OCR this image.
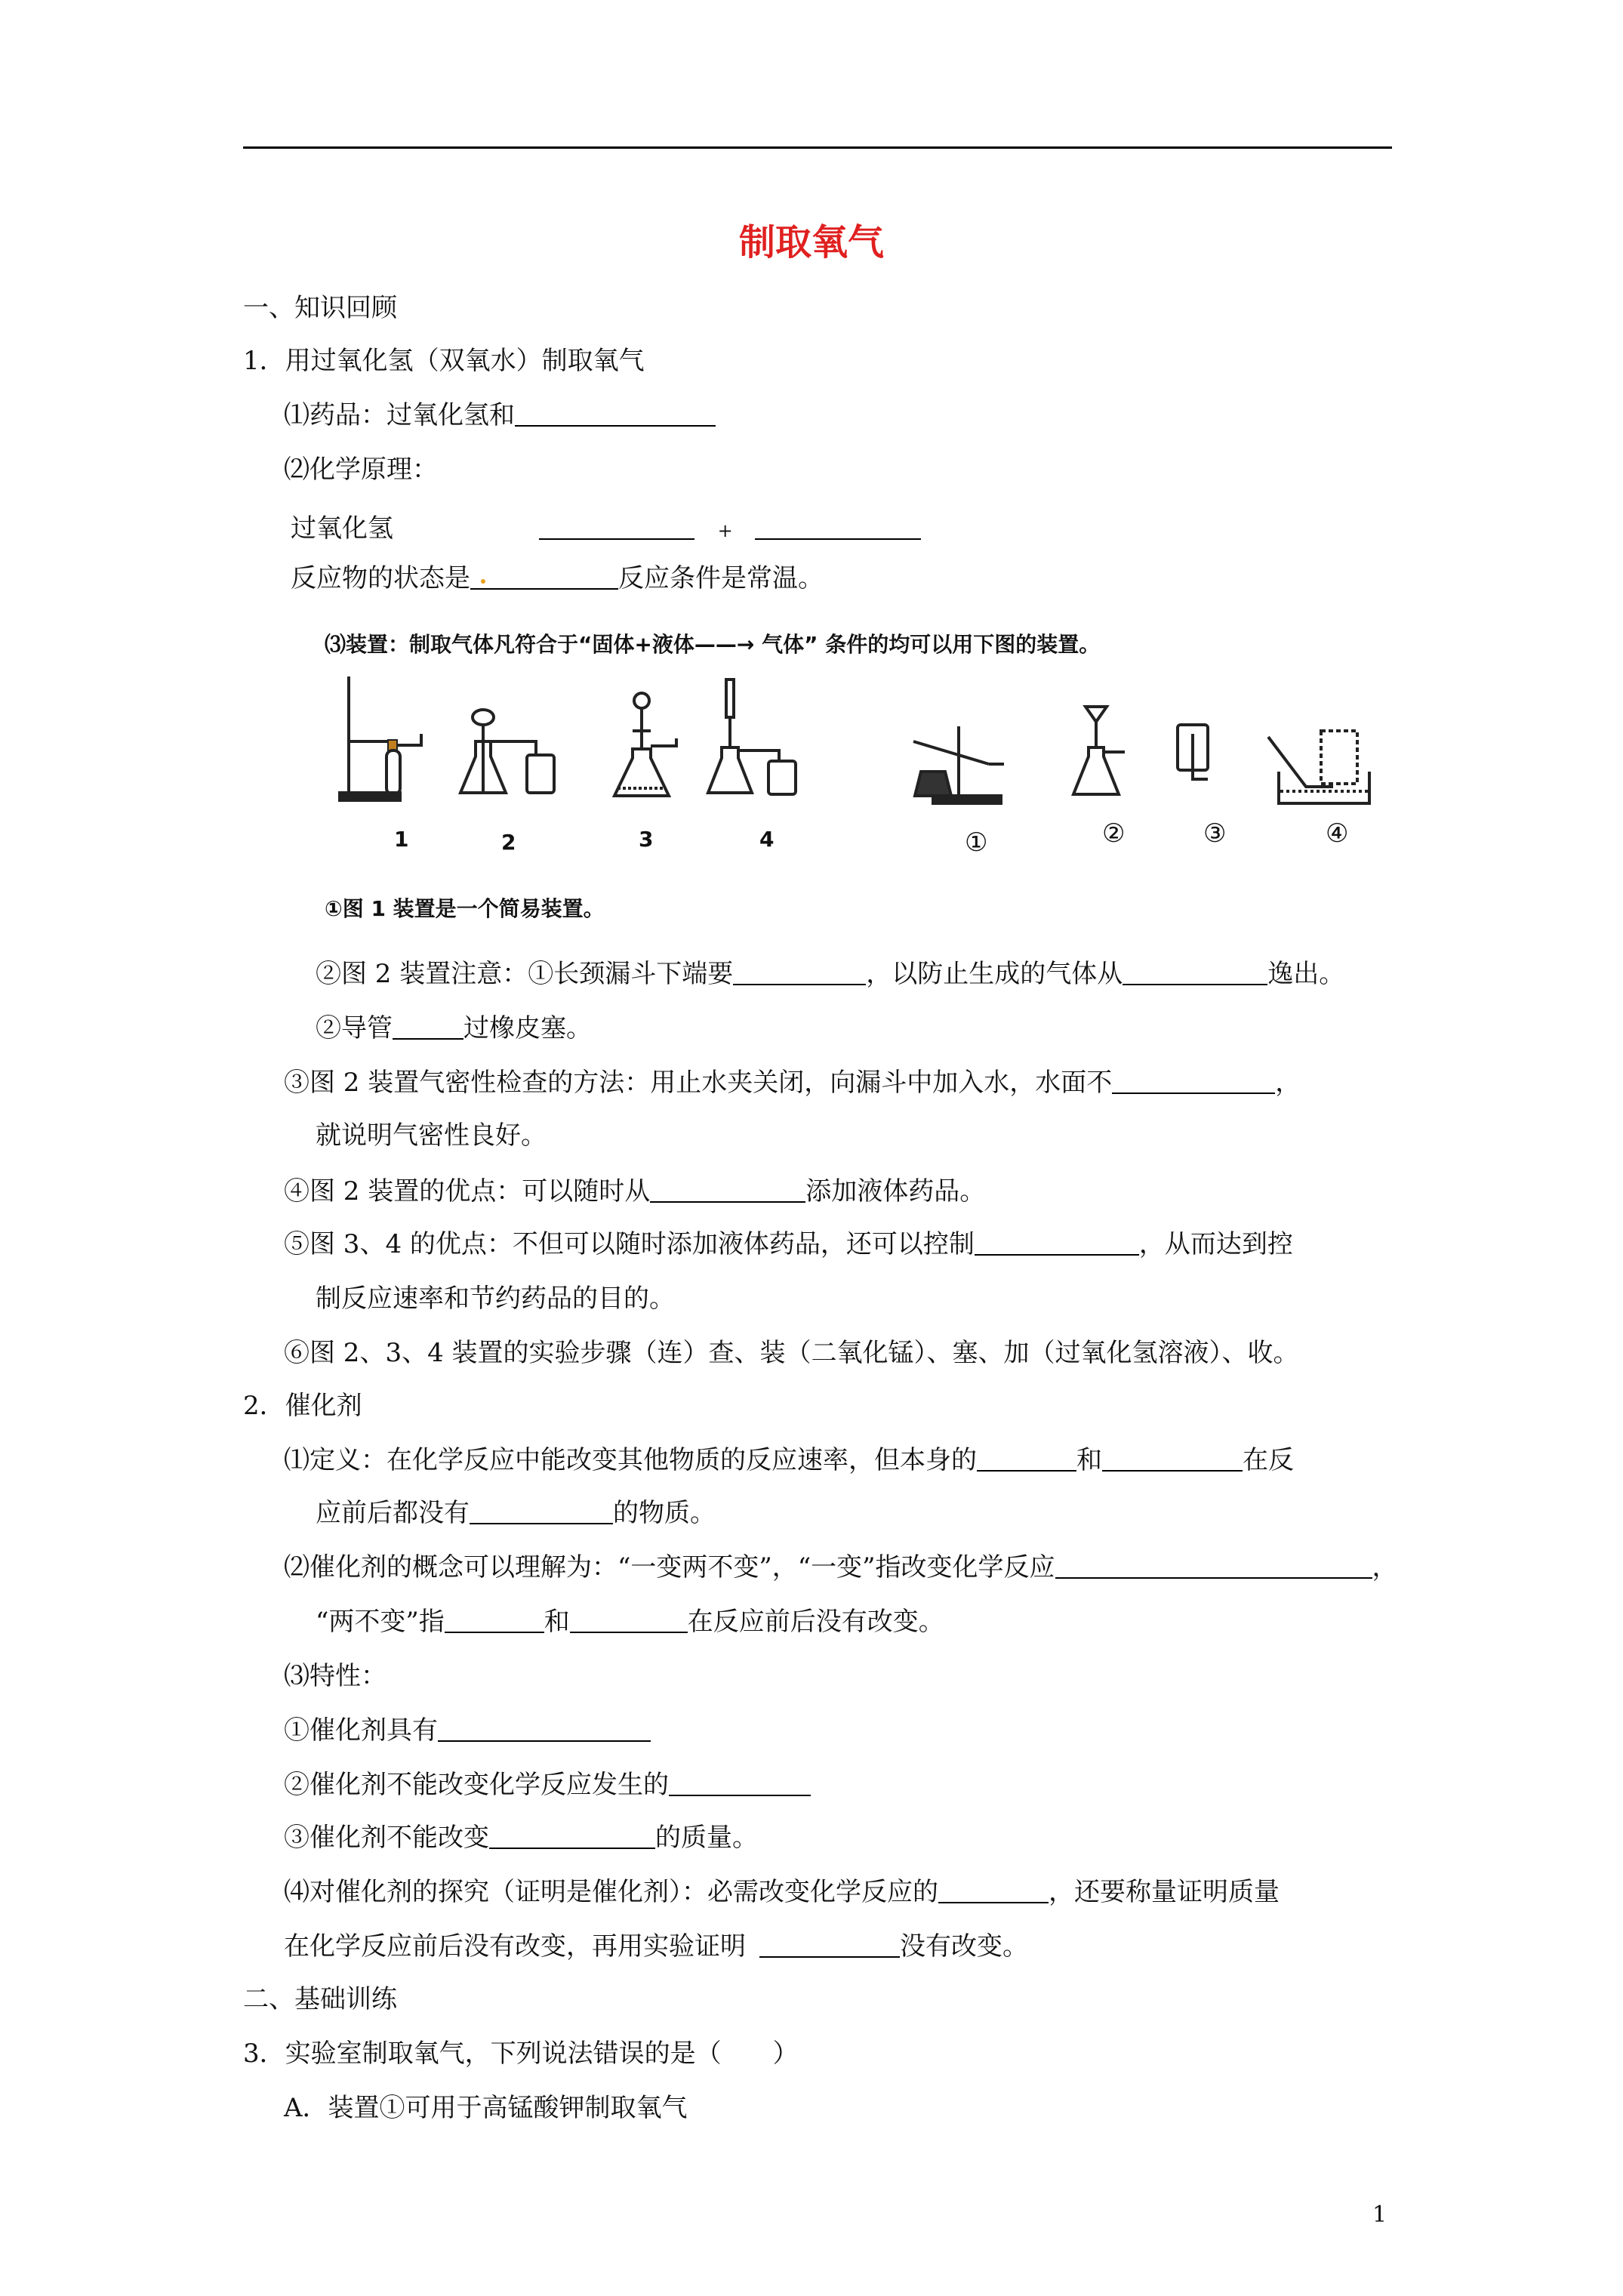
制取氧气
一、知识回顾
1．用过氧化氢（双氧水）制取氧气
⑴药品：过氧化氢和
⑵化学原理：
过氧化氢	+
反应物的状态是	反应条件是常温。
⑶装置：制取气体凡符合于“固体+液体——→ 气体” 条件的均可以用下图的装置。
1	2	3	4	①	②	③	④
①图 1 装置是一个简易装置。
②图 2 装置注意：①长颈漏斗下端要	，以防止生成的气体从	逸出。
②导管	过橡皮塞。
③图 2 装置气密性检查的方法：用止水夹关闭，向漏斗中加入水，水面不	，
就说明气密性良好。
④图 2 装置的优点：可以随时从	添加液体药品。
⑤图 3、4 的优点：不但可以随时添加液体药品，还可以控制	，从而达到控
制反应速率和节约药品的目的。
⑥图 2、3、4 装置的实验步骤（连）查、装（二氧化锰）、塞、加（过氧化氢溶液）、收。
2．催化剂
⑴定义：在化学反应中能改变其他物质的反应速率，但本身的	和	在反
应前后都没有	的物质。
⑵催化剂的概念可以理解为：“一变两不变”，“一变”指改变化学反应	，
“两不变”指	和	在反应前后没有改变。
⑶特性：
①催化剂具有
②催化剂不能改变化学反应发生的
③催化剂不能改变	的质量。
⑷对催化剂的探究（证明是催化剂）：必需改变化学反应的	，还要称量证明质量
在化学反应前后没有改变，再用实验证明	没有改变。
二、基础训练
3．实验室制取氧气，下列说法错误的是（　　）
A．装置①可用于高锰酸钾制取氧气
1
